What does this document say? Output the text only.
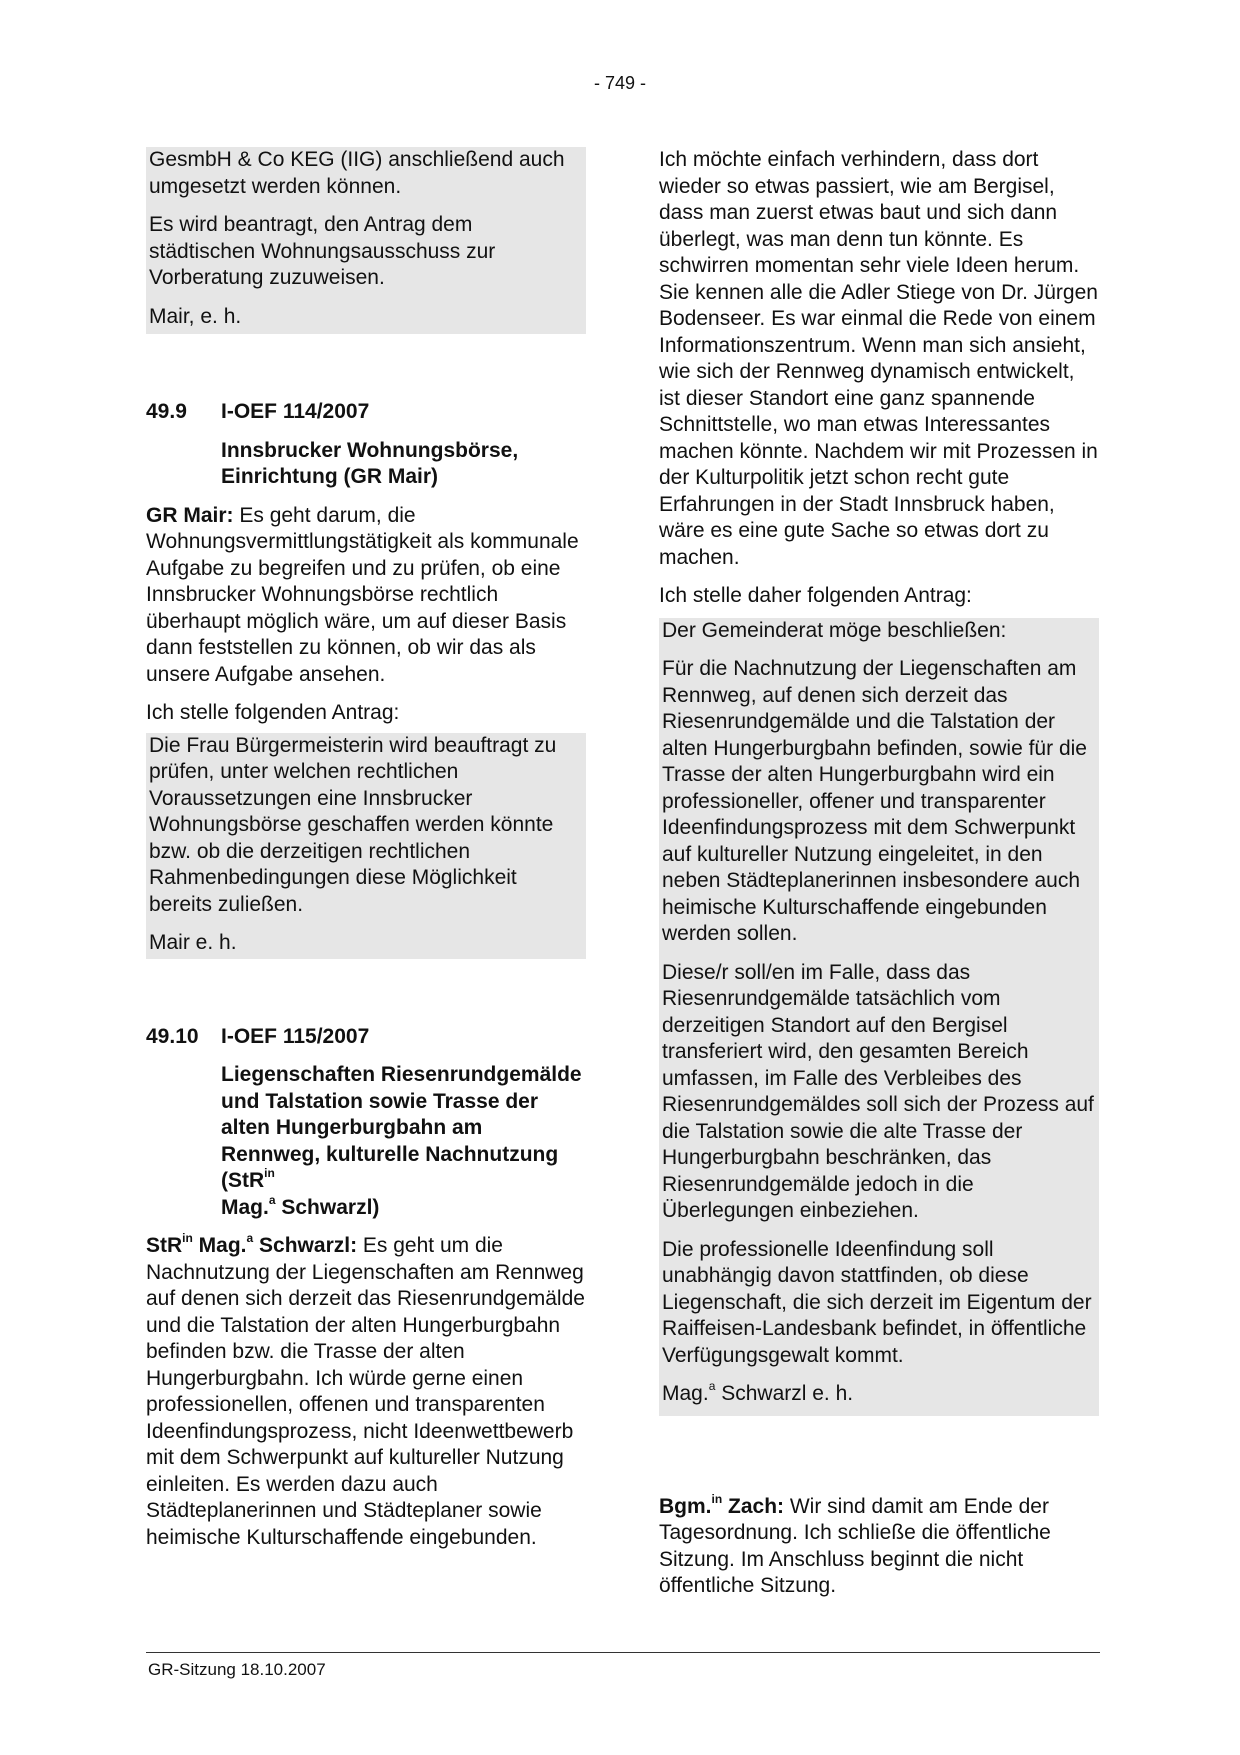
- 749 -

GesmbH & Co KEG (IIG) anschließend auch umgesetzt werden können.

Es wird beantragt, den Antrag dem städtischen Wohnungsausschuss zur Vorberatung zuzuweisen.

Mair, e. h.

49.9	I-OEF 114/2007

Innsbrucker Wohnungsbörse, Einrichtung (GR Mair)

GR Mair: Es geht darum, die Wohnungsvermittlungstätigkeit als kommunale Aufgabe zu begreifen und zu prüfen, ob eine Innsbrucker Wohnungsbörse rechtlich überhaupt möglich wäre, um auf dieser Basis dann feststellen zu können, ob wir das als unsere Aufgabe ansehen.

Ich stelle folgenden Antrag:

Die Frau Bürgermeisterin wird beauftragt zu prüfen, unter welchen rechtlichen Voraussetzungen eine Innsbrucker Wohnungsbörse geschaffen werden könnte bzw. ob die derzeitigen rechtlichen Rahmenbedingungen diese Möglichkeit bereits zuließen.

Mair e. h.

49.10	I-OEF 115/2007

Liegenschaften Riesenrundgemälde und Talstation sowie Trasse der alten Hungerburgbahn am Rennweg, kulturelle Nachnutzung (StR$^{in}$
Mag.$^a$ Schwarzl)

StR$^{in}$ Mag.$^a$ Schwarzl: Es geht um die Nachnutzung der Liegenschaften am Rennweg auf denen sich derzeit das Riesenrundgemälde und die Talstation der alten Hungerburgbahn befinden bzw. die Trasse der alten Hungerburgbahn. Ich würde gerne einen professionellen, offenen und transparenten Ideenfindungsprozess, nicht Ideenwettbewerb mit dem Schwerpunkt auf kultureller Nutzung einleiten. Es werden dazu auch Städteplanerinnen und Städteplaner sowie heimische Kulturschaffende eingebunden.

Ich möchte einfach verhindern, dass dort wieder so etwas passiert, wie am Bergisel, dass man zuerst etwas baut und sich dann überlegt, was man denn tun könnte. Es schwirren momentan sehr viele Ideen herum. Sie kennen alle die Adler Stiege von Dr. Jürgen Bodenseer. Es war einmal die Rede von einem Informationszentrum. Wenn man sich ansieht, wie sich der Rennweg dynamisch entwickelt, ist dieser Standort eine ganz spannende Schnittstelle, wo man etwas Interessantes machen könnte. Nachdem wir mit Prozessen in der Kulturpolitik jetzt schon recht gute Erfahrungen in der Stadt Innsbruck haben, wäre es eine gute Sache so etwas dort zu machen.

Ich stelle daher folgenden Antrag:

Der Gemeinderat möge beschließen:

Für die Nachnutzung der Liegenschaften am Rennweg, auf denen sich derzeit das Riesenrundgemälde und die Talstation der alten Hungerburgbahn befinden, sowie für die Trasse der alten Hungerburgbahn wird ein professioneller, offener und transparenter Ideenfindungsprozess mit dem Schwerpunkt auf kultureller Nutzung eingeleitet, in den neben Städteplanerinnen insbesondere auch heimische Kulturschaffende eingebunden werden sollen.

Diese/r soll/en im Falle, dass das Riesenrundgemälde tatsächlich vom derzeitigen Standort auf den Bergisel transferiert wird, den gesamten Bereich umfassen, im Falle des Verbleibes des Riesenrundgemäldes soll sich der Prozess auf die Talstation sowie die alte Trasse der Hungerburgbahn beschränken, das Riesenrundgemälde jedoch in die Überlegungen einbeziehen.

Die professionelle Ideenfindung soll unabhängig davon stattfinden, ob diese Liegenschaft, die sich derzeit im Eigentum der Raiffeisen-Landesbank befindet, in öffentliche Verfügungsgewalt kommt.

Mag.$^a$ Schwarzl e. h.

Bgm.$^{in}$ Zach: Wir sind damit am Ende der Tagesordnung. Ich schließe die öffentliche Sitzung. Im Anschluss beginnt die nicht öffentliche Sitzung.

GR-Sitzung 18.10.2007
